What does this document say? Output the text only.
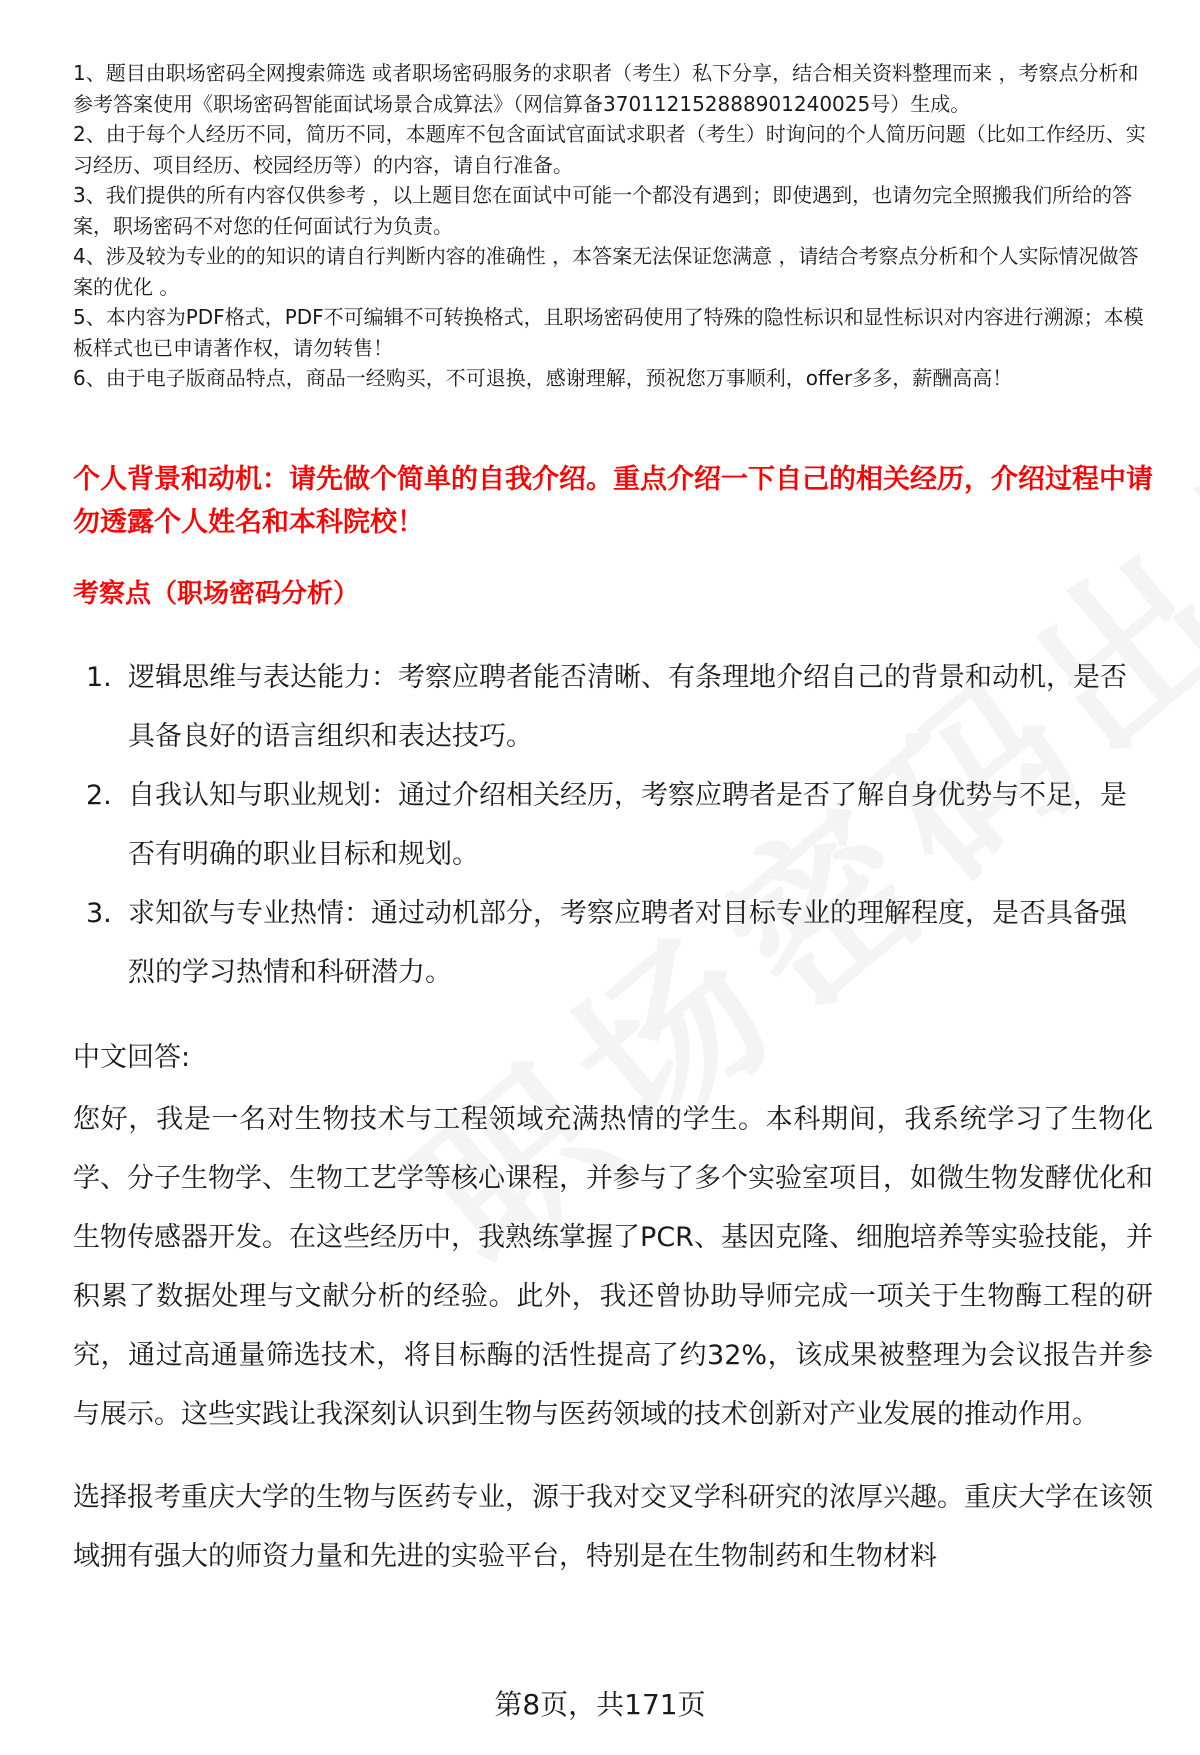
1、题目由职场密码全网搜索筛选 或者职场密码服务的求职者（考生）私下分享，结合相关资料整理而来 ，考察点分析和参考答案使用《职场密码智能面试场景合成算法》（网信算备370112152888901240025号）生成。

2、由于每个人经历不同，简历不同，本题库不包含面试官面试求职者（考生）时询问的个人简历问题（比如工作经历、实习经历、项目经历、校园经历等）的内容，请自行准备。

3、我们提供的所有内容仅供参考 ，以上题目您在面试中可能一个都没有遇到；即使遇到，也请勿完全照搬我们所给的答案，职场密码不对您的任何面试行为负责。

4、涉及较为专业的的知识的请自行判断内容的准确性 ，本答案无法保证您满意 ，请结合考察点分析和个人实际情况做答案的优化 。

5、本内容为PDF格式，PDF不可编辑不可转换格式，且职场密码使用了特殊的隐性标识和显性标识对内容进行溯源；本模板样式也已申请著作权，请勿转售！

6、由于电子版商品特点，商品一经购买，不可退换，感谢理解，预祝您万事顺利，offer多多，薪酬高高！

个人背景和动机：请先做个简单的自我介绍。重点介绍一下自己的相关经历，介绍过程中请勿透露个人姓名和本科院校！

考察点（职场密码分析）

1. 逻辑思维与表达能力：考察应聘者能否清晰、有条理地介绍自己的背景和动机，是否具备良好的语言组织和表达技巧。
2. 自我认知与职业规划：通过介绍相关经历，考察应聘者是否了解自身优势与不足，是否有明确的职业目标和规划。
3. 求知欲与专业热情：通过动机部分，考察应聘者对目标专业的理解程度，是否具备强烈的学习热情和科研潜力。

中文回答:

您好，我是一名对生物技术与工程领域充满热情的学生。本科期间，我系统学习了生物化学、分子生物学、生物工艺学等核心课程，并参与了多个实验室项目，如微生物发酵优化和生物传感器开发。在这些经历中，我熟练掌握了PCR、基因克隆、细胞培养等实验技能，并积累了数据处理与文献分析的经验。此外，我还曾协助导师完成一项关于生物酶工程的研究，通过高通量筛选技术，将目标酶的活性提高了约32%，该成果被整理为会议报告并参与展示。这些实践让我深刻认识到生物与医药领域的技术创新对产业发展的推动作用。

选择报考重庆大学的生物与医药专业，源于我对交叉学科研究的浓厚兴趣。重庆大学在该领域拥有强大的师资力量和先进的实验平台，特别是在生物制药和生物材料

第8页，共171页
